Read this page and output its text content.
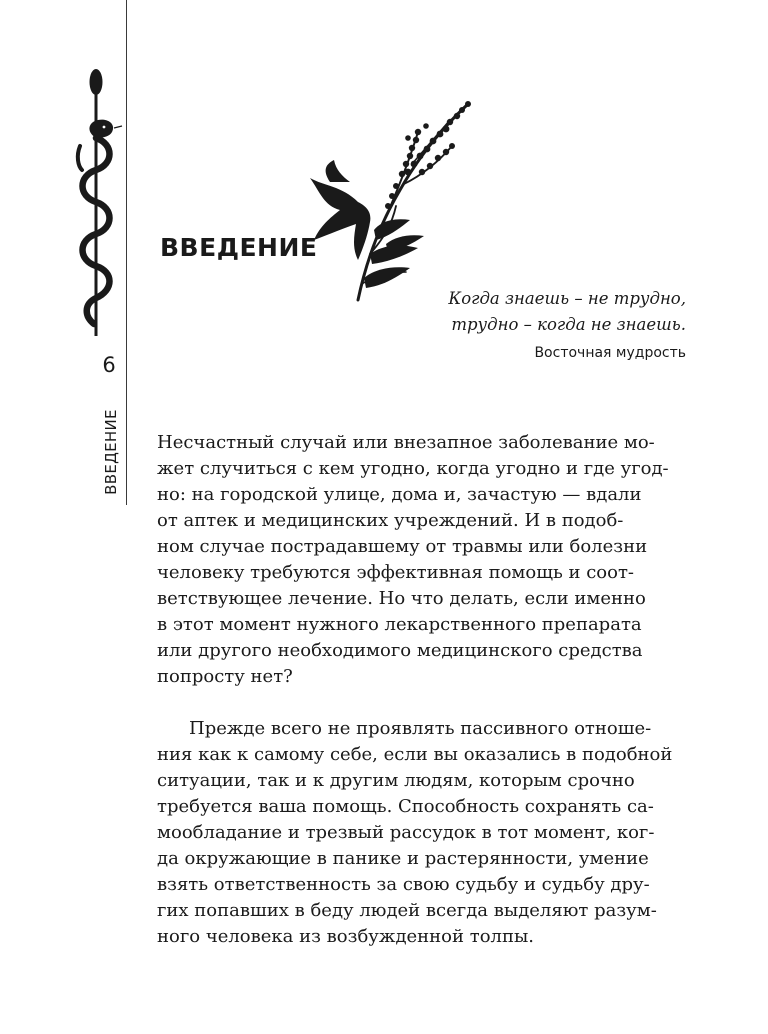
6
ВВЕДЕНИЕ
ВВЕДЕНИЕ
Когда знаешь – не трудно,
трудно – когда не знаешь.
Восточная мудрость

Несчастный случай или внезапное заболевание мо-
жет случиться с кем угодно, когда угодно и где угод-
но: на городской улице, дома и, зачастую — вдали
от аптек и медицинских учреждений. И в подоб-
ном случае пострадавшему от травмы или болезни
человеку требуются эффективная помощь и соот-
ветствующее лечение. Но что делать, если именно
в этот момент нужного лекарственного препарата
или другого необходимого медицинского средства
попросту нет?

Прежде всего не проявлять пассивного отноше-
ния как к самому себе, если вы оказались в подобной
ситуации, так и к другим людям, которым срочно
требуется ваша помощь. Способность сохранять са-
мообладание и трезвый рассудок в тот момент, ког-
да окружающие в панике и растерянности, умение
взять ответственность за свою судьбу и судьбу дру-
гих попавших в беду людей всегда выделяют разум-
ного человека из возбужденной толпы.
